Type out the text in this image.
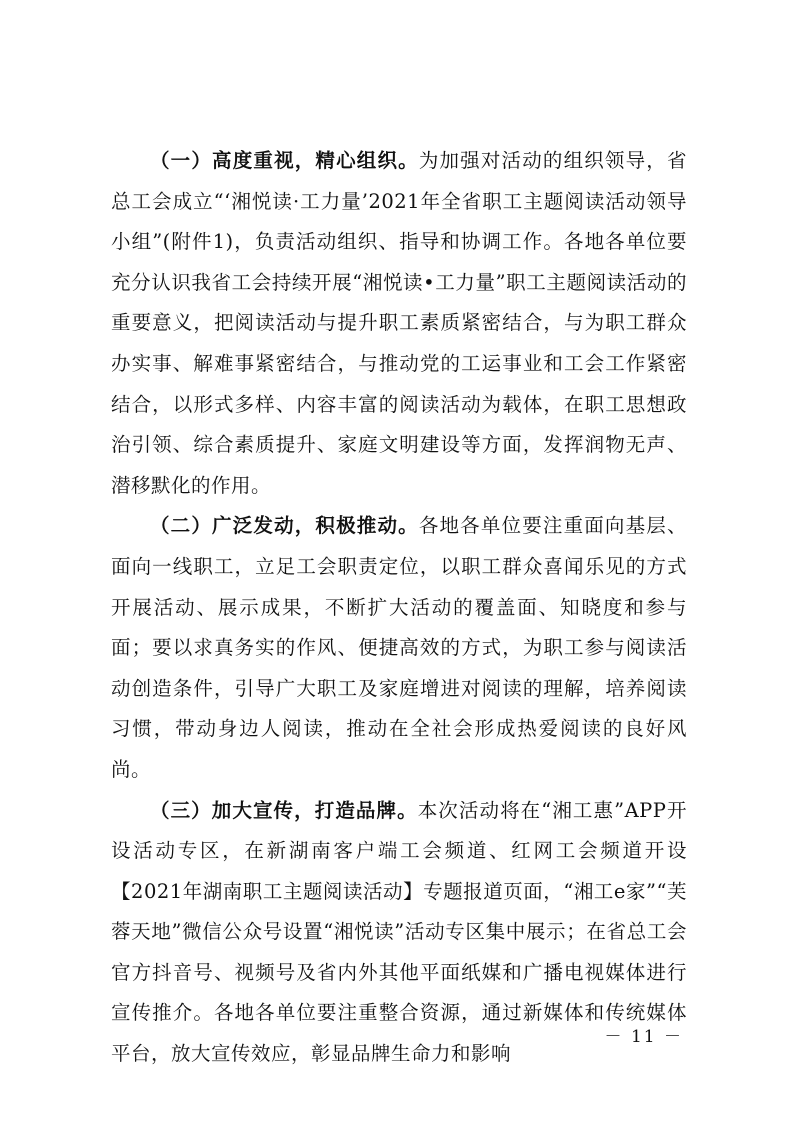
（一）高度重视，精心组织。为加强对活动的组织领导，省总工会成立“‘湘悦读·工力量’2021年全省职工主题阅读活动领导小组”(附件1)，负责活动组织、指导和协调工作。各地各单位要充分认识我省工会持续开展“湘悦读•工力量”职工主题阅读活动的重要意义，把阅读活动与提升职工素质紧密结合，与为职工群众办实事、解难事紧密结合，与推动党的工运事业和工会工作紧密结合，以形式多样、内容丰富的阅读活动为载体，在职工思想政治引领、综合素质提升、家庭文明建设等方面，发挥润物无声、潜移默化的作用。

（二）广泛发动，积极推动。各地各单位要注重面向基层、面向一线职工，立足工会职责定位，以职工群众喜闻乐见的方式开展活动、展示成果，不断扩大活动的覆盖面、知晓度和参与面；要以求真务实的作风、便捷高效的方式，为职工参与阅读活动创造条件，引导广大职工及家庭增进对阅读的理解，培养阅读习惯，带动身边人阅读，推动在全社会形成热爱阅读的良好风尚。

（三）加大宣传，打造品牌。本次活动将在“湘工惠”APP开设活动专区，在新湖南客户端工会频道、红网工会频道开设【2021年湖南职工主题阅读活动】专题报道页面，“湘工e家”“芙蓉天地”微信公众号设置“湘悦读”活动专区集中展示；在省总工会官方抖音号、视频号及省内外其他平面纸媒和广播电视媒体进行宣传推介。各地各单位要注重整合资源，通过新媒体和传统媒体平台，放大宣传效应，彰显品牌生命力和影响

－ 11 －
